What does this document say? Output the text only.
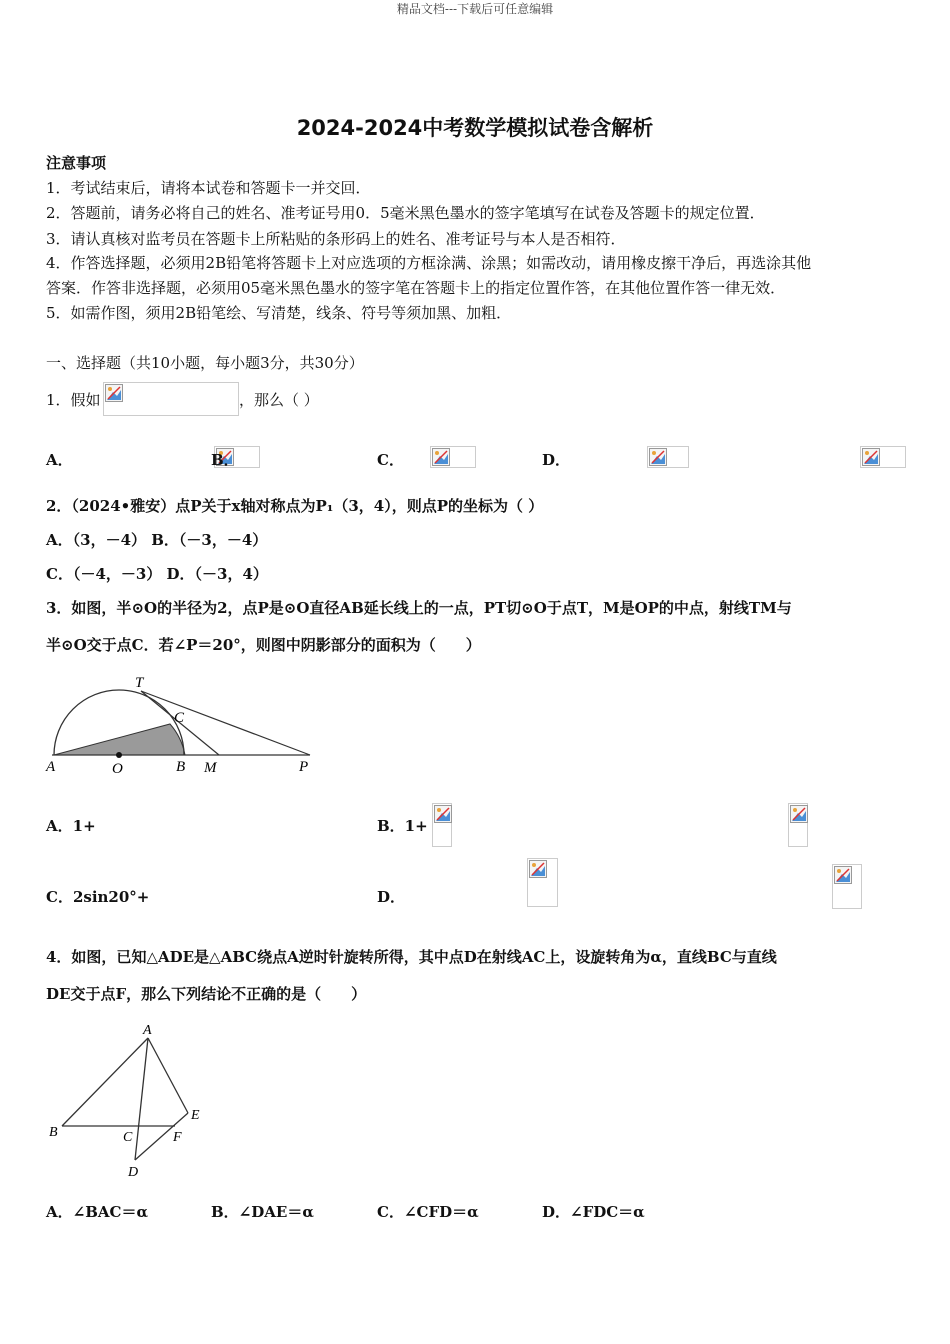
精品文档---下载后可任意编辑
2024-2024中考数学模拟试卷含解析
注意事项
1．考试结束后，请将本试卷和答题卡一并交回．
2．答题前，请务必将自己的姓名、准考证号用0．5毫米黑色墨水的签字笔填写在试卷及答题卡的规定位置．
3．请认真核对监考员在答题卡上所粘贴的条形码上的姓名、准考证号与本人是否相符．
4．作答选择题，必须用2B铅笔将答题卡上对应选项的方框涂满、涂黑；如需改动，请用橡皮擦干净后，再选涂其他
答案．作答非选择题，必须用05毫米黑色墨水的签字笔在答题卡上的指定位置作答，在其他位置作答一律无效．
5．如需作图，须用2B铅笔绘、写清楚，线条、符号等须加黑、加粗．
一、选择题（共10小题，每小题3分，共30分）
1．假如
	，那么（ ）
A．
	B．
	C．
	D．

2．（2024•雅安）点P关于x轴对称点为P₁（3，4），则点P的坐标为（ ）
A．（3，－4） B．（－3，－4）
C．（－4，－3） D．（－3，4）
3．如图，半⊙O的半径为2，点P是⊙O直径AB延长线上的一点，PT切⊙O于点T，M是OP的中点，射线TM与
半⊙O交于点C．若∠P＝20°，则图中阴影部分的面积为（　　）
T
C
A	O	B M	P
A．1+
	B．1+

C．2sin20°+
	D．
4．如图，已知△ADE是△ABC绕点A逆时针旋转所得，其中点D在射线AC上，设旋转角为α，直线BC与直线
DE交于点F，那么下列结论不正确的是（　　）
A
E
B	C	F
D
A．∠BAC＝α	B．∠DAE＝α	C．∠CFD＝α	D．∠FDC＝α
